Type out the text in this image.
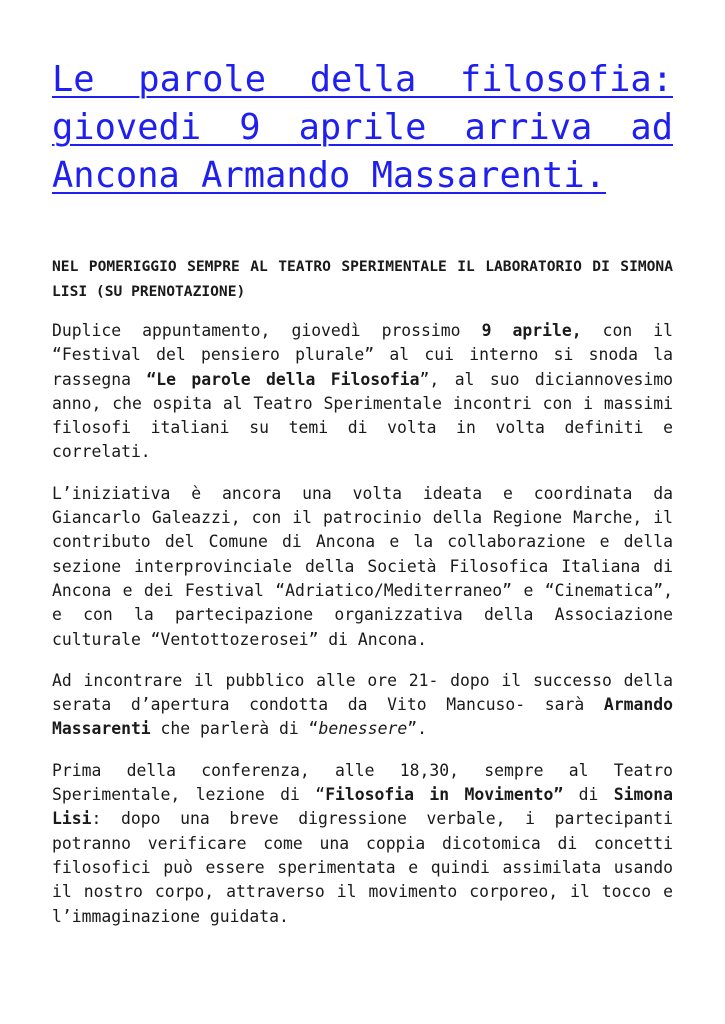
Le parole della filosofia:
giovedi 9 aprile arriva ad
Ancona Armando Massarenti.

NEL POMERIGGIO SEMPRE AL TEATRO SPERIMENTALE IL LABORATORIO DI SIMONA LISI (SU PRENOTAZIONE)

Duplice appuntamento, giovedì prossimo 9 aprile, con il “Festival del pensiero plurale” al cui interno si snoda la rassegna “Le parole della Filosofia”, al suo diciannovesimo anno, che ospita al Teatro Sperimentale incontri con i massimi filosofi italiani su temi di volta in volta definiti e correlati.

L’iniziativa è ancora una volta ideata e coordinata da Giancarlo Galeazzi, con il patrocinio della Regione Marche, il contributo del Comune di Ancona e la collaborazione e della sezione interprovinciale della Società Filosofica Italiana di Ancona e dei Festival “Adriatico/Mediterraneo” e “Cinematica”, e con la partecipazione organizzativa della Associazione culturale “Ventottozerosei” di Ancona.

Ad incontrare il pubblico alle ore 21- dopo il successo della serata d’apertura condotta da Vito Mancuso- sarà Armando Massarenti che parlerà di “benessere”.

Prima della conferenza, alle 18,30, sempre al Teatro Sperimentale, lezione di “Filosofia in Movimento” di Simona Lisi: dopo una breve digressione verbale, i partecipanti potranno verificare come una coppia dicotomica di concetti filosofici può essere sperimentata e quindi assimilata usando il nostro corpo, attraverso il movimento corporeo, il tocco e l’immaginazione guidata.
